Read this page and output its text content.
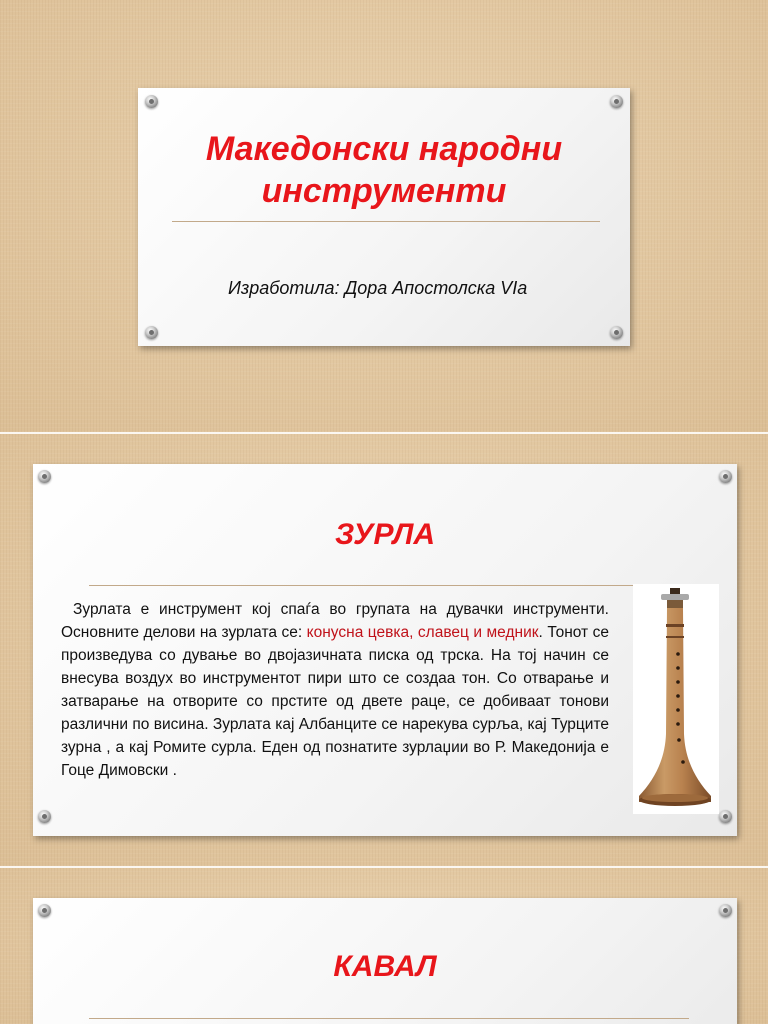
Македонски народни
инструменти
Изработила: Дора Апостолска VIa
ЗУРЛА
Зурлата е инструмент кој спаѓа во групата на дувачки инструменти. Основните делови на зурлата се: конусна цевка, славец и медник. Тонот се произведува со дување во двојазичната писка од трска. На тој начин се внесува воздух во инструментот пири што се создаа тон. Со отварање и затварање на отворите со прстите од двете раце, се добиваат тонови различни по висина. Зурлата кај Албанците се нарекува сурља, кај Турците зурна , а кај Ромите сурла. Еден од познатите зурлаџии во Р. Македонија е Гоце Димовски .
КАВАЛ
